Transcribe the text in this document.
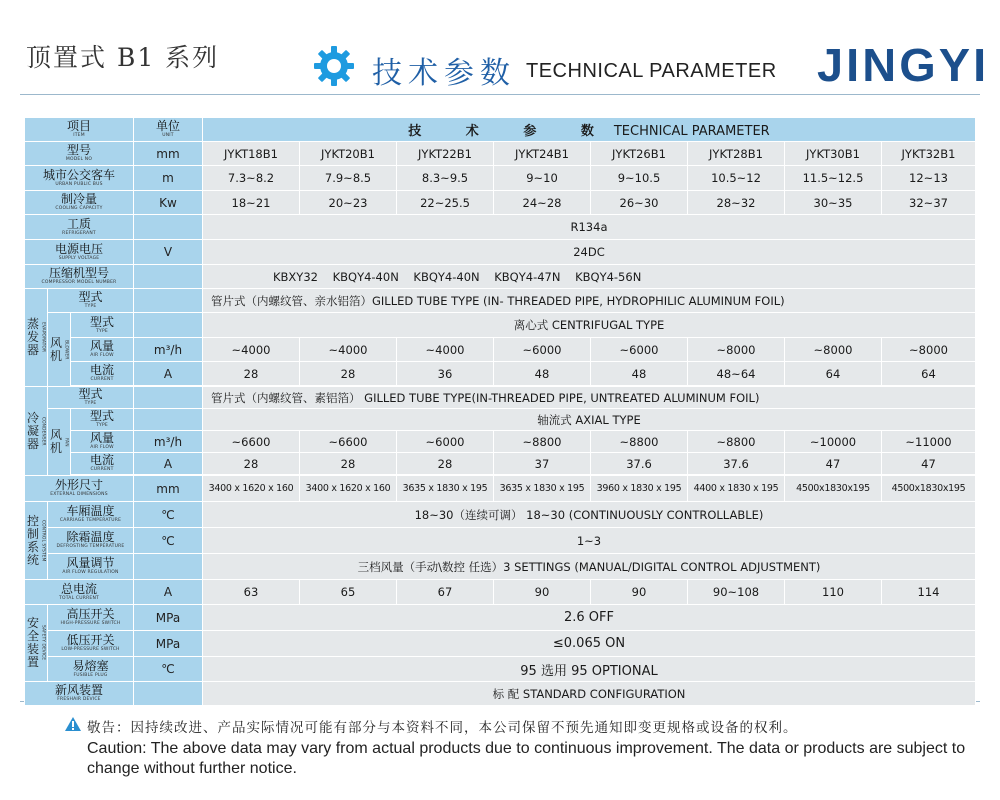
顶置式 B1 系列	技术参数 TECHNICAL PARAMETER JINGYI
项目
ITEM			单位
UNIT	技 术 参 数TECHNICAL PARAMETER							

型号
MODEL NO			mm	JYKT18B1	JYKT20B1	JYKT22B1	JYKT24B1	JYKT26B1	JYKT28B1	JYKT30B1	JYKT32B1

城市公交客车
URBAN PUBLIC BUS			m	7.3~8.2	7.9~8.5	8.3~9.5	9~10	9~10.5	10.5~12	11.5~12.5	12~13

制冷量
COOLING CAPACITY			Kw	18~21	20~23	22~25.5	24~28	26~30	28~32	30~35	32~37

工质
REFRIGERANT				R134a							

电源电压
SUPPLY VOLTAGE			V	24DC							

压缩机型号
COMPRESSOR MODEL NUMBER				KBXY32    KBQY4-40N    KBQY4-40N    KBQY4-47N    KBQY4-56N							

蒸发器 EVAPORATOR	型式
TYPE			管片式（内螺纹管、亲水铝箔）GILLED TUBE TYPE (IN- THREADED PIPE, HYDROPHILIC ALUMINUM FOIL)							

	风机 BLOWER	型式
TYPE		离心式 CENTRIFUGAL TYPE							

		风量
AIR FLOW	m³/h	~4000	~4000	~4000	~6000	~6000	~8000	~8000	~8000

		电流
CURRENT	A	28	28	36	48	48	48~64	64	64

冷凝器 CONDENSER	型式
TYPE			管片式（内螺纹管、素铝箔） GILLED TUBE TYPE(IN-THREADED PIPE, UNTREATED ALUMINUM FOIL)							

	风机 FAN	型式
TYPE		轴流式 AXIAL TYPE							

		风量
AIR FLOW	m³/h	~6600	~6600	~6000	~8800	~8800	~8800	~10000	~11000

		电流
CURRENT	A	28	28	28	37	37.6	37.6	47	47

外形尺寸
EXTERNAL DIMENSIONS			mm	3400 x 1620 x 160	3400 x 1620 x 160	3635 x 1830 x 195	3635 x 1830 x 195	3960 x 1830 x 195	4400 x 1830 x 195	4500x1830x195	4500x1830x195

控制系统 CONTROL SYSTEM	车厢温度
CARRIAGE TEMPERATURE		℃	18~30（连续可调） 18~30 (CONTINUOUSLY CONTROLLABLE)							

	除霜温度
DEFROSTING TEMPERATURE		℃	1~3							

	风量调节
AIR FLOW REGULATION			三档风量（手动\数控 任选）3 SETTINGS (MANUAL/DIGITAL CONTROL ADJUSTMENT)							

总电流
TOTAL CURRENT			A	63	65	67	90	90	90~108	110	114

安全装置
SAFETY DEVICE	高压开关
HIGH-PRESSURE SWITCH		MPa	2.6 OFF							

	低压开关
LOW-PRESSURE SWITCH		MPa	≤0.065 ON							

	易熔塞
FUSIBLE PLUG		℃	95 选用 95 OPTIONAL							

新风装置
FRESHAIR DEVICE				标 配 STANDARD CONFIGURATION							
敬告：因持续改进、产品实际情况可能有部分与本资料不同，本公司保留不预先通知即变更规格或设备的权利。
Caution: The above data may vary from actual products due to continuous improvement. The data or products are subject to change without further notice.
